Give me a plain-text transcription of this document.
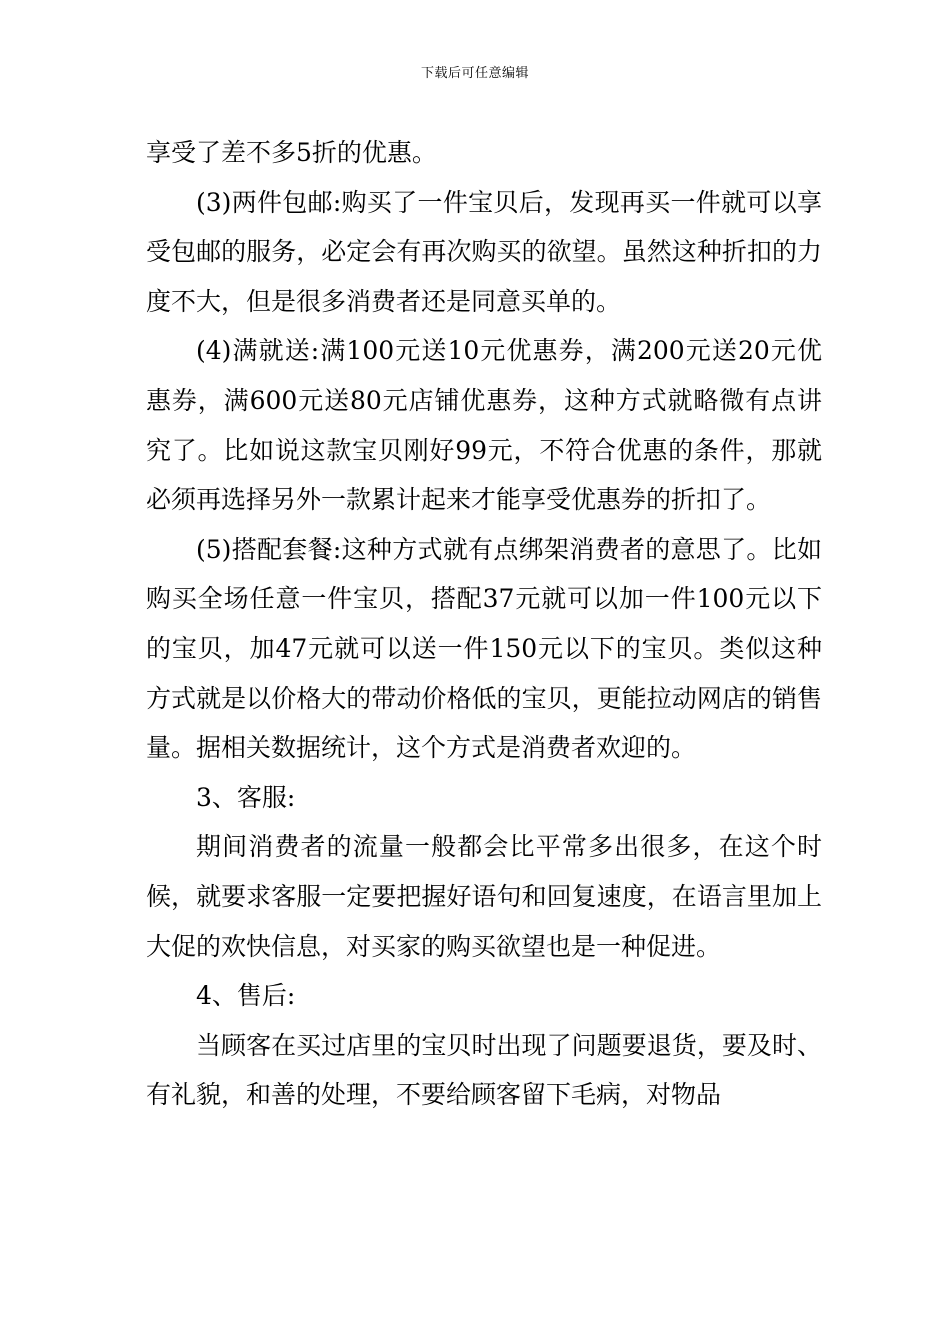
下载后可任意编辑

享受了差不多5折的优惠。

(3)两件包邮:购买了一件宝贝后，发现再买一件就可以享受包邮的服务，必定会有再次购买的欲望。虽然这种折扣的力度不大，但是很多消费者还是同意买单的。

(4)满就送:满100元送10元优惠券，满200元送20元优惠券，满600元送80元店铺优惠券，这种方式就略微有点讲究了。比如说这款宝贝刚好99元，不符合优惠的条件，那就必须再选择另外一款累计起来才能享受优惠券的折扣了。

(5)搭配套餐:这种方式就有点绑架消费者的意思了。比如购买全场任意一件宝贝，搭配37元就可以加一件100元以下的宝贝，加47元就可以送一件150元以下的宝贝。类似这种方式就是以价格大的带动价格低的宝贝，更能拉动网店的销售量。据相关数据统计，这个方式是消费者欢迎的。

3、客服:

期间消费者的流量一般都会比平常多出很多，在这个时候，就要求客服一定要把握好语句和回复速度，在语言里加上大促的欢快信息，对买家的购买欲望也是一种促进。

4、售后:

当顾客在买过店里的宝贝时出现了问题要退货，要及时、有礼貌，和善的处理，不要给顾客留下毛病，对物品
